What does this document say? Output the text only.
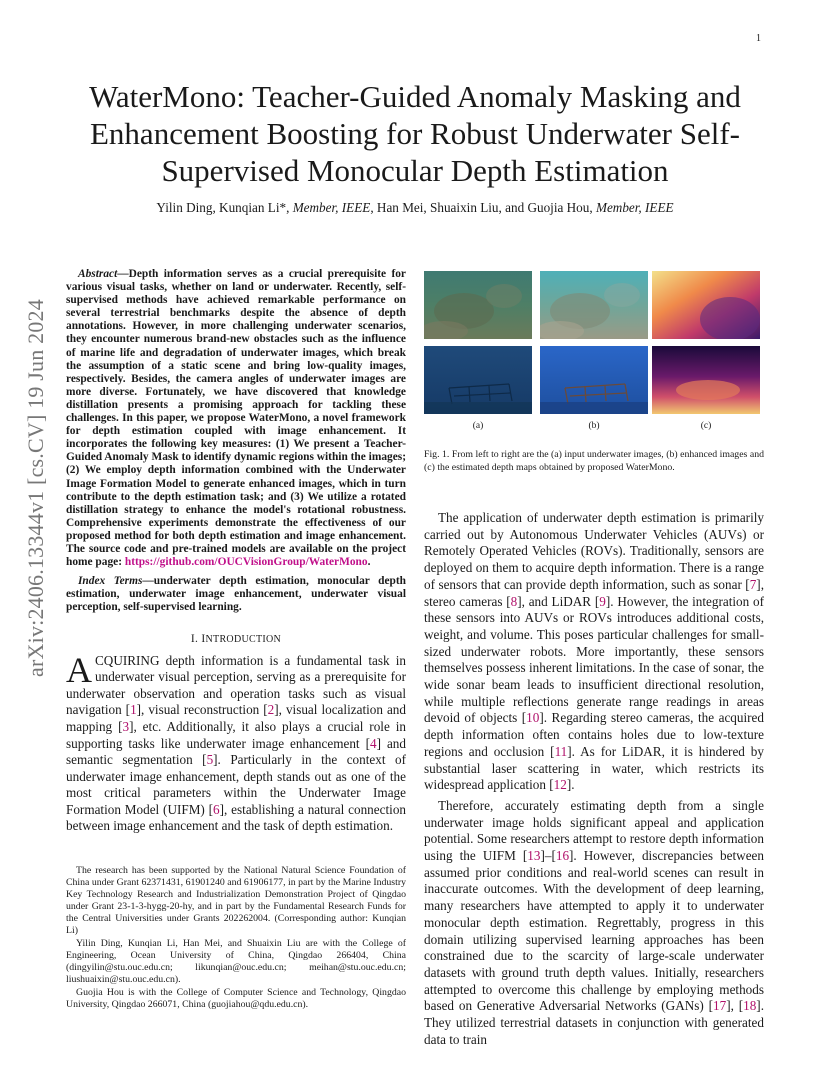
1
arXiv:2406.13344v1 [cs.CV] 19 Jun 2024
WaterMono: Teacher-Guided Anomaly Masking and Enhancement Boosting for Robust Underwater Self-Supervised Monocular Depth Estimation
Yilin Ding, Kunqian Li*, Member, IEEE, Han Mei, Shuaixin Liu, and Guojia Hou, Member, IEEE

Abstract—Depth information serves as a crucial prerequisite for various visual tasks, whether on land or underwater. Recently, self-supervised methods have achieved remarkable performance on several terrestrial benchmarks despite the absence of depth annotations. However, in more challenging underwater scenarios, they encounter numerous brand-new obstacles such as the influence of marine life and degradation of underwater images, which break the assumption of a static scene and bring low-quality images, respectively. Besides, the camera angles of underwater images are more diverse. Fortunately, we have discovered that knowledge distillation presents a promising approach for tackling these challenges. In this paper, we propose WaterMono, a novel framework for depth estimation coupled with image enhancement. It incorporates the following key measures: (1) We present a Teacher-Guided Anomaly Mask to identify dynamic regions within the images; (2) We employ depth information combined with the Underwater Image Formation Model to generate enhanced images, which in turn contribute to the depth estimation task; and (3) We utilize a rotated distillation strategy to enhance the model's rotational robustness. Comprehensive experiments demonstrate the effectiveness of our proposed method for both depth estimation and image enhancement. The source code and pre-trained models are available on the project home page: https://github.com/OUCVisionGroup/WaterMono.

Index Terms—underwater depth estimation, monocular depth estimation, underwater image enhancement, underwater visual perception, self-supervised learning.

I. INTRODUCTION

ACQUIRING depth information is a fundamental task in underwater visual perception, serving as a prerequisite for underwater observation and operation tasks such as visual navigation [1], visual reconstruction [2], visual localization and mapping [3], etc. Additionally, it also plays a crucial role in supporting tasks like underwater image enhancement [4] and semantic segmentation [5]. Particularly in the context of underwater image enhancement, depth stands out as one of the most critical parameters within the Underwater Image Formation Model (UIFM) [6], establishing a natural connection between image enhancement and the task of depth estimation.

The research has been supported by the National Natural Science Foundation of China under Grant 62371431, 61901240 and 61906177, in part by the Marine Industry Key Technology Research and Industrialization Demonstration Project of Qingdao under Grant 23-1-3-hygg-20-hy, and in part by the Fundamental Research Funds for the Central Universities under Grants 202262004. (Corresponding author: Kunqian Li)

Yilin Ding, Kunqian Li, Han Mei, and Shuaixin Liu are with the College of Engineering, Ocean University of China, Qingdao 266404, China (dingyilin@stu.ouc.edu.cn; likunqian@ouc.edu.cn; meihan@stu.ouc.edu.cn; liushuaixin@stu.ouc.edu.cn).

Guojia Hou is with the College of Computer Science and Technology, Qingdao University, Qingdao 266071, China (guojiahou@qdu.edu.cn).

(a)	(b)	(c)
Fig. 1. From left to right are the (a) input underwater images, (b) enhanced images and (c) the estimated depth maps obtained by proposed WaterMono.

The application of underwater depth estimation is primarily carried out by Autonomous Underwater Vehicles (AUVs) or Remotely Operated Vehicles (ROVs). Traditionally, sensors are deployed on them to acquire depth information. There is a range of sensors that can provide depth information, such as sonar [7], stereo cameras [8], and LiDAR [9]. However, the integration of these sensors into AUVs or ROVs introduces additional costs, weight, and volume. This poses particular challenges for small-sized underwater robots. More importantly, these sensors themselves possess inherent limitations. In the case of sonar, the wide sonar beam leads to insufficient directional resolution, while multiple reflections generate range readings in areas devoid of objects [10]. Regarding stereo cameras, the acquired depth information often contains holes due to low-texture regions and occlusion [11]. As for LiDAR, it is hindered by substantial laser scattering in water, which restricts its widespread application [12].

Therefore, accurately estimating depth from a single underwater image holds significant appeal and application potential. Some researchers attempt to restore depth information using the UIFM [13]–[16]. However, discrepancies between assumed prior conditions and real-world scenes can result in inaccurate outcomes. With the development of deep learning, many researchers have attempted to apply it to underwater monocular depth estimation. Regrettably, progress in this domain utilizing supervised learning approaches has been constrained due to the scarcity of large-scale underwater datasets with ground truth depth values. Initially, researchers attempted to overcome this challenge by employing methods based on Generative Adversarial Networks (GANs) [17], [18]. They utilized terrestrial datasets in conjunction with generated data to train
